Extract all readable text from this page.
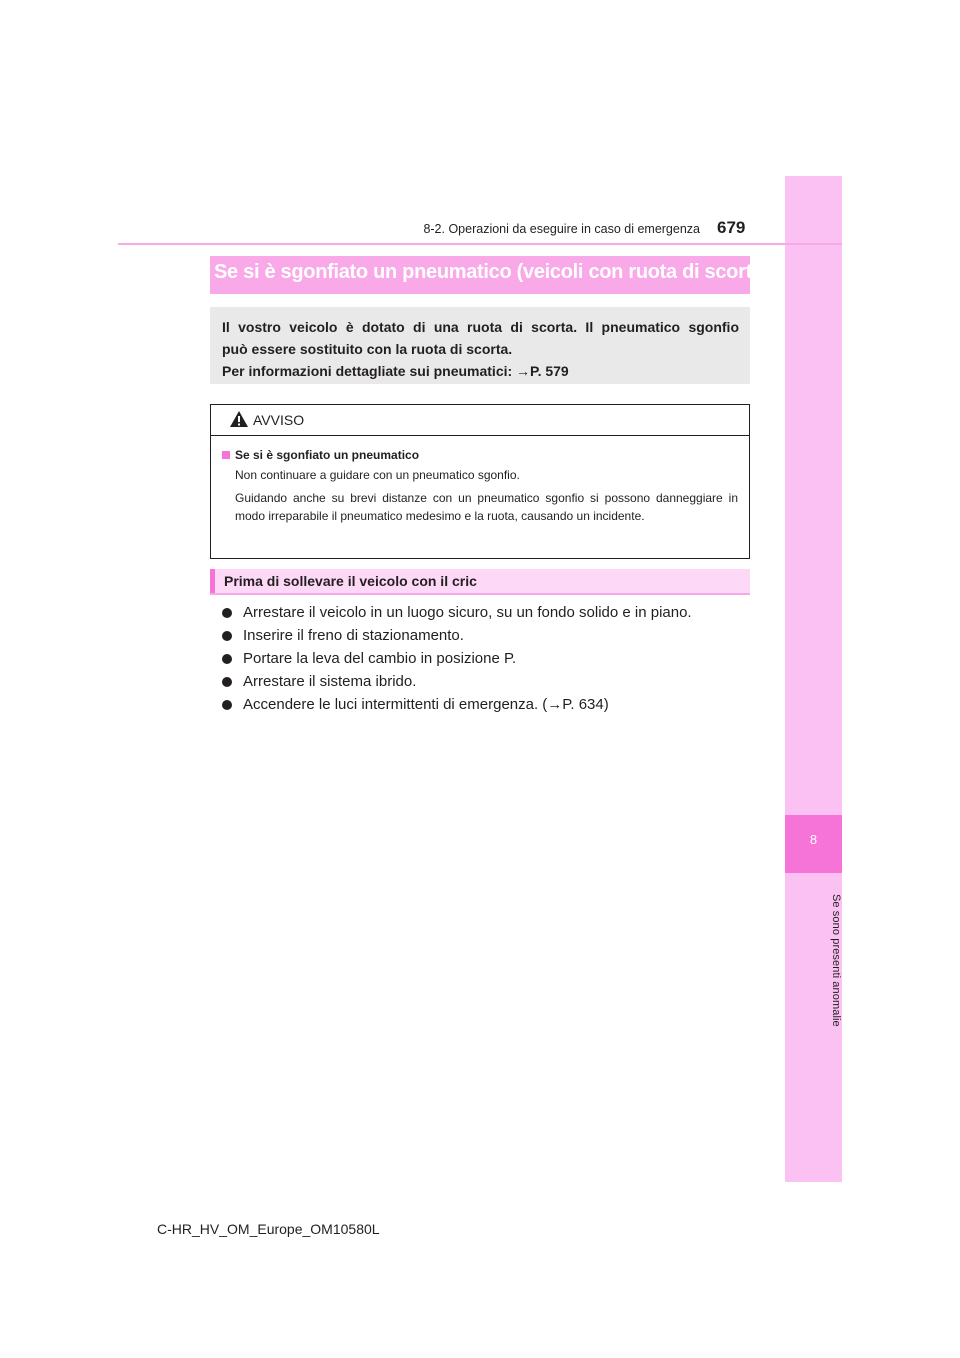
8
Se sono presenti anomalie
8-2. Operazioni da eseguire in caso di emergenza 679
Se si è sgonfiato un pneumatico (veicoli con ruota di scorta)

Il vostro veicolo è dotato di una ruota di scorta. Il pneumatico sgonfio

può essere sostituito con la ruota di scorta.

Per informazioni dettagliate sui pneumatici: →P. 579

AVVISO

Se si è sgonfiato un pneumatico

Non continuare a guidare con un pneumatico sgonfio.

Guidando anche su brevi distanze con un pneumatico sgonfio si possono danneggiare in modo irreparabile il pneumatico medesimo e la ruota, causando un incidente.

Prima di sollevare il veicolo con il cric
Arrestare il veicolo in un luogo sicuro, su un fondo solido e in piano.
Inserire il freno di stazionamento.
Portare la leva del cambio in posizione P.
Arrestare il sistema ibrido.
Accendere le luci intermittenti di emergenza. (→P. 634)
C-HR_HV_OM_Europe_OM10580L
